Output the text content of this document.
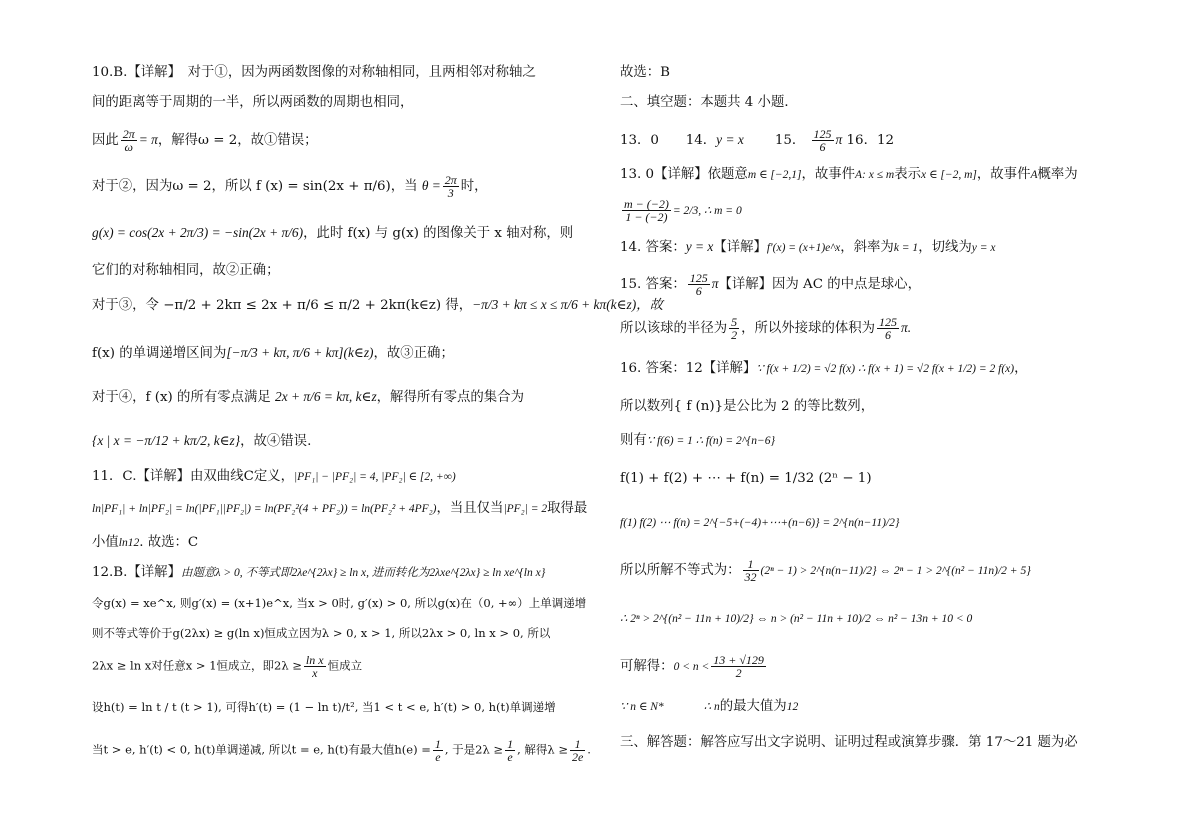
10.B.【详解】　对于①，因为两函数图像的对称轴相同，且两相邻对称轴之
间的距离等于周期的一半，所以两函数的周期也相同，
因此 $\frac{2\pi}{\omega} = \pi$，解得ω = 2，故①错误；
对于②，因为ω = 2，所以 f (x) = sin(2x + π/6)，当 $\theta = \frac{2\pi}{3}$ 时，
g(x) = cos(2x + 2π/3) = −sin(2x + π/6)，此时 f(x) 与 g(x) 的图像关于 x 轴对称，则
它们的对称轴相同，故②正确；
对于③，令 −π/2 + 2kπ ≤ 2x + π/6 ≤ π/2 + 2kπ(k∈z) 得，−π/3 + kπ ≤ x ≤ π/6 + kπ(k∈z)，故
f(x) 的单调递增区间为[−π/3 + kπ, π/6 + kπ](k∈z)，故③正确；
对于④，f (x) 的所有零点满足 2x + π/6 = kπ, k∈z，解得所有零点的集合为
{x | x = −π/12 + kπ/2, k∈z}，故④错误.
11．C.【详解】由双曲线C定义，|PF₁| − |PF₂| = 4, |PF₂| ∈ [2, +∞)
ln|PF₁| + ln|PF₂| = ln(|PF₁||PF₂|) = ln(PF₂²(4 + PF₂)) = ln(PF₂² + 4PF₂)，当且仅当|PF₂| = 2取得最
小值ln12. 故选：C
12.B.【详解】由题意λ > 0, 不等式即2λe^{2λx} ≥ ln x, 进而转化为2λxe^{2λx} ≥ ln xe^{ln x}
令g(x) = xe^x, 则g′(x) = (x+1)e^x, 当x > 0时, g′(x) > 0, 所以g(x)在（0, +∞）上单调递增
则不等式等价于g(2λx) ≥ g(ln x)恒成立因为λ > 0, x > 1, 所以2λx > 0, ln x > 0, 所以
2λx ≥ ln x对任意x > 1恒成立，即$2\lambda \ge \frac{\text{ln x}}{x}$ 恒成立
设h(t) = ln t / t (t > 1), 可得h′(t) = (1 − ln t)/t², 当1 < t < e, h′(t) > 0, h(t)单调递增
当t > e, h′(t) < 0, h(t)单调递减, 所以t = e, h(t)有最大值$h(e) = \frac{1}{e}$ , 于是$2\lambda \ge \frac{1}{e}$ , 解得$\lambda \ge \frac{1}{2e}$ .
故选：B
二、填空题：本题共 4 小题．
13．0　　14．y = x　　 15． $\frac{125}{6}$ π 16．12
13. 0【详解】依题意m ∈ [−2,1]，故事件A: x ≤ m表示x ∈ [−2, m]，故事件A概率为
$\frac{m - (-2)}{1 - (-2)} = 2/3$, ∴ m = 0
14. 答案：y = x【详解】f′(x) = (x+1)e^x，斜率为k = 1，切线为y = x
15. 答案： $\frac{125}{6}$ π【详解】因为 AC 的中点是球心，
所以该球的半径为 $\frac{5}{2}$ ，所以外接球的体积为 $\frac{125}{6} \pi$.
16. 答案：12【详解】∵ f(x + 1/2) = √2 f(x) ∴ f(x + 1) = √2 f(x + 1/2) = 2 f(x)，
所以数列{ f (n)}是公比为 2 的等比数列，
则有∵ f(6) = 1 ∴ f(n) = 2^{n−6}
f(1) + f(2) + ⋯ + f(n) = 1/32 (2ⁿ − 1)
f(1) f(2) ⋯ f(n) = 2^{−5+(−4)+⋯+(n−6)} = 2^{n(n−11)/2}
所以所解不等式为： $\frac{1}{32} (2^n - 1)$ > 2^{n(n−11)/2} ⇔ 2ⁿ − 1 > 2^{(n² − 11n)/2 + 5}
∴ 2ⁿ > 2^{(n² − 11n + 10)/2} ⇔ n > (n² − 11n + 10)/2 ⇔ n² − 13n + 10 < 0
可解得：$0 < n < \frac{13 + √129}{2}$
∵ n ∈ N*　　　	∴ n的最大值为12
三、解答题：解答应写出文字说明、证明过程或演算步骤．第 17～21 题为必
